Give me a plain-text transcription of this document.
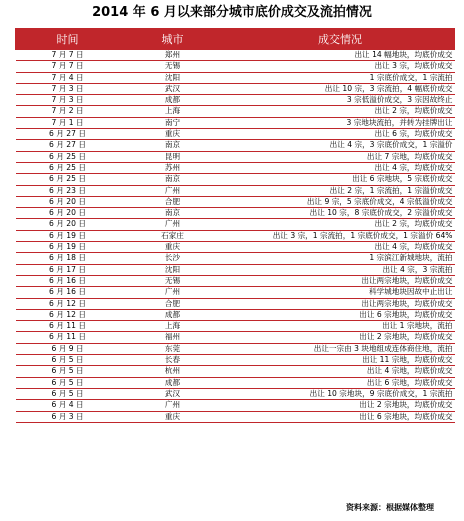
2014 年 6 月以来部分城市底价成交及流拍情况
时间	城市	成交情况
7 月 7 日	郑州	出让 14 幅地块，均底价成交
7 月 7 日	无锡	出让 3 宗，均底价成交
7 月 4 日	沈阳	1 宗底价成交，1 宗流拍
7 月 3 日	武汉	出让 10 宗，3 宗流拍，4 幅底价成交
7 月 3 日	成都	3 宗低溢价成交，3 宗因故终止
7 月 2 日	上海	出让 2 宗，均底价成交
7 月 1 日	南宁	3 宗地块流拍，并转为挂牌出让
6 月 27 日	重庆	出让 6 宗，均底价成交
6 月 27 日	南京	出让 4 宗，3 宗底价成交，1 宗溢价
6 月 25 日	昆明	出让 7 宗地，均底价成交
6 月 25 日	苏州	出让 4 宗，均底价成交
6 月 25 日	南京	出让 6 宗地块，5 宗底价成交
6 月 23 日	广州	出让 2 宗，1 宗流拍，1 宗溢价成交
6 月 20 日	合肥	出让 9 宗，5 宗底价成交，4 宗低溢价成交
6 月 20 日	南京	出让 10 宗，8 宗底价成交，2 宗溢价成交
6 月 20 日	广州	出让 2 宗，均底价成交
6 月 19 日	石家庄	出让 3 宗，1 宗流拍，1 宗底价成交，1 宗溢价 64%
6 月 19 日	重庆	出让 4 宗，均底价成交
6 月 18 日	长沙	1 宗滨江新城地块，流拍
6 月 17 日	沈阳	出让 4 宗，3 宗流拍
6 月 16 日	无锡	出让两宗地块，均底价成交
6 月 16 日	广州	科学城地块因故中止出让
6 月 12 日	合肥	出让两宗地块，均底价成交
6 月 12 日	成都	出让 6 宗地块，均底价成交
6 月 11 日	上海	出让 1 宗地块，流拍
6 月 11 日	福州	出让 2 宗地块，均底价成交
6 月 9 日	东莞	出让一宗由 3 块地组成连体商住地，流拍
6 月 5 日	长春	出让 11 宗地，均底价成交
6 月 5 日	杭州	出让 4 宗地，均底价成交
6 月 5 日	成都	出让 6 宗地，均底价成交
6 月 5 日	武汉	出让 10 宗地块，9 宗底价成交，1 宗流拍
6 月 4 日	广州	出让 2 宗地块，均底价成交
6 月 3 日	重庆	出让 6 宗地块，均底价成交
资料来源：根据媒体整理
